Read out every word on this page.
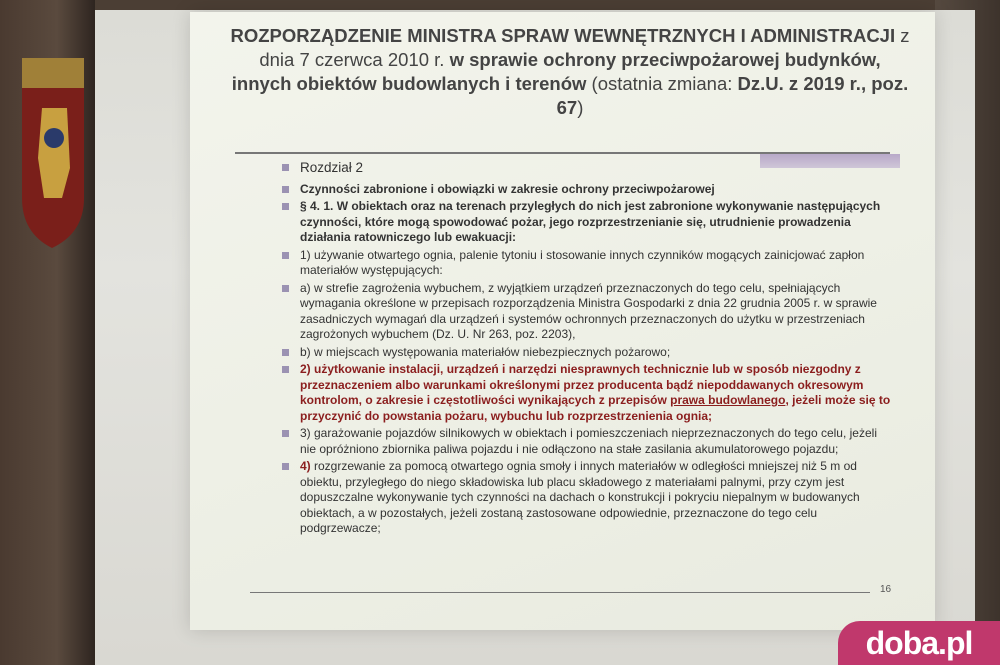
ROZPORZĄDZENIE MINISTRA SPRAW WEWNĘTRZNYCH I ADMINISTRACJI z dnia 7 czerwca 2010 r. w sprawie ochrony przeciwpożarowej budynków, innych obiektów budowlanych i terenów (ostatnia zmiana: Dz.U. z 2019 r., poz. 67)
Rozdział 2
Czynności zabronione i obowiązki w zakresie ochrony przeciwpożarowej
§ 4. 1. W obiektach oraz na terenach przyległych do nich jest zabronione wykonywanie następujących czynności, które mogą spowodować pożar, jego rozprzestrzenianie się, utrudnienie prowadzenia działania ratowniczego lub ewakuacji:
1) używanie otwartego ognia, palenie tytoniu i stosowanie innych czynników mogących zainicjować zapłon materiałów występujących:
a) w strefie zagrożenia wybuchem, z wyjątkiem urządzeń przeznaczonych do tego celu, spełniających wymagania określone w przepisach rozporządzenia Ministra Gospodarki z dnia 22 grudnia 2005 r. w sprawie zasadniczych wymagań dla urządzeń i systemów ochronnych przeznaczonych do użytku w przestrzeniach zagrożonych wybuchem (Dz. U. Nr 263, poz. 2203),
b) w miejscach występowania materiałów niebezpiecznych pożarowo;
2) użytkowanie instalacji, urządzeń i narzędzi niesprawnych technicznie lub w sposób niezgodny z przeznaczeniem albo warunkami określonymi przez producenta bądź niepoddawanych okresowym kontrolom, o zakresie i częstotliwości wynikających z przepisów prawa budowlanego, jeżeli może się to przyczynić do powstania pożaru, wybuchu lub rozprzestrzenienia ognia;
3) garażowanie pojazdów silnikowych w obiektach i pomieszczeniach nieprzeznaczonych do tego celu, jeżeli nie opróżniono zbiornika paliwa pojazdu i nie odłączono na stałe zasilania akumulatorowego pojazdu;
4) rozgrzewanie za pomocą otwartego ognia smoły i innych materiałów w odległości mniejszej niż 5 m od obiektu, przyległego do niego składowiska lub placu składowego z materiałami palnymi, przy czym jest dopuszczalne wykonywanie tych czynności na dachach o konstrukcji i pokryciu niepalnym w budowanych obiektach, a w pozostałych, jeżeli zostaną zastosowane odpowiednie, przeznaczone do tego celu podgrzewacze;
16
doba.pl
